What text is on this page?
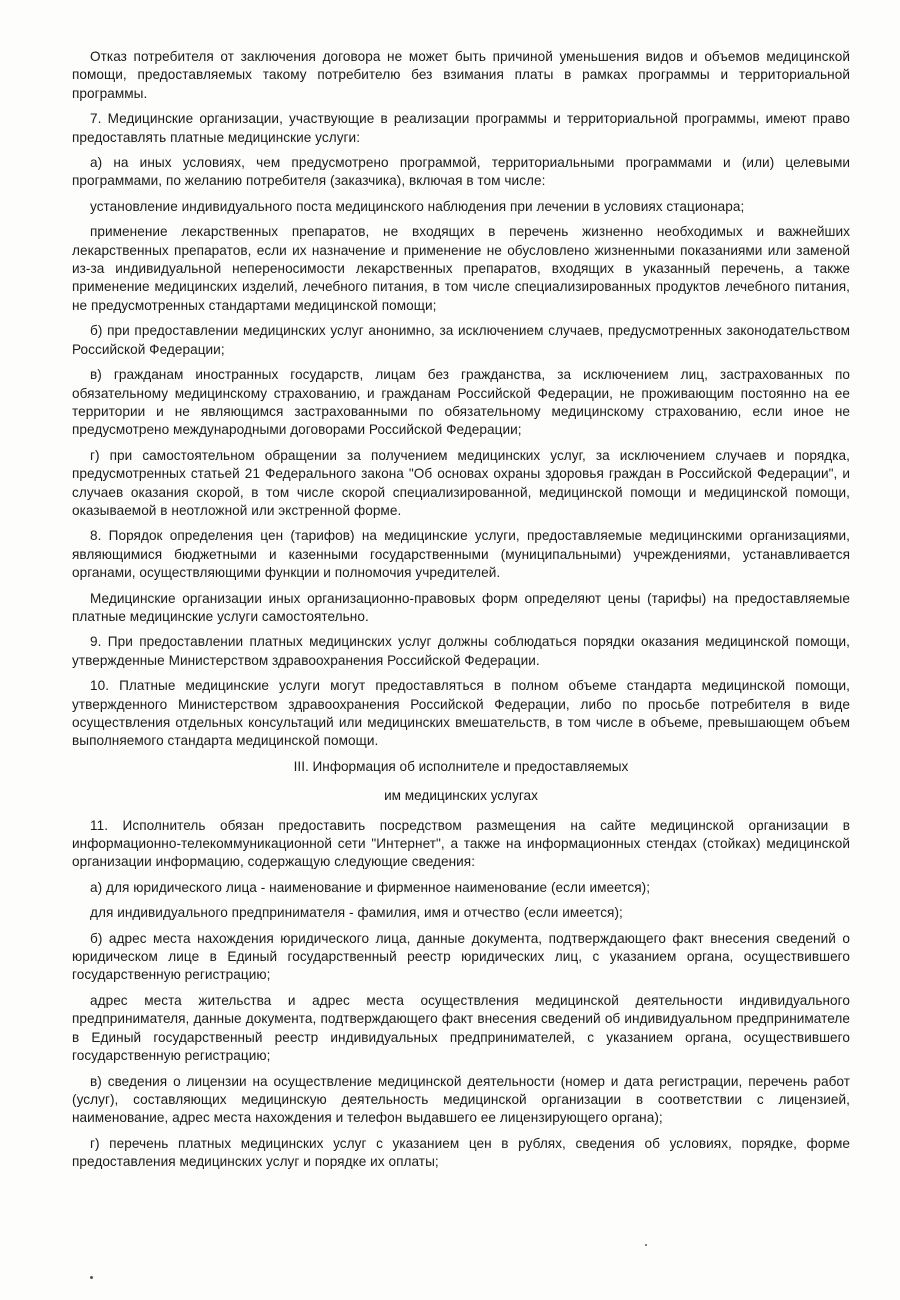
Отказ потребителя от заключения договора не может быть причиной уменьшения видов и объемов медицинской помощи, предоставляемых такому потребителю без взимания платы в рамках программы и территориальной программы.

7. Медицинские организации, участвующие в реализации программы и территориальной программы, имеют право предоставлять платные медицинские услуги:

а) на иных условиях, чем предусмотрено программой, территориальными программами и (или) целевыми программами, по желанию потребителя (заказчика), включая в том числе:

установление индивидуального поста медицинского наблюдения при лечении в условиях стационара;

применение лекарственных препаратов, не входящих в перечень жизненно необходимых и важнейших лекарственных препаратов, если их назначение и применение не обусловлено жизненными показаниями или заменой из-за индивидуальной непереносимости лекарственных препаратов, входящих в указанный перечень, а также применение медицинских изделий, лечебного питания, в том числе специализированных продуктов лечебного питания, не предусмотренных стандартами медицинской помощи;

б) при предоставлении медицинских услуг анонимно, за исключением случаев, предусмотренных законодательством Российской Федерации;

в) гражданам иностранных государств, лицам без гражданства, за исключением лиц, застрахованных по обязательному медицинскому страхованию, и гражданам Российской Федерации, не проживающим постоянно на ее территории и не являющимся застрахованными по обязательному медицинскому страхованию, если иное не предусмотрено международными договорами Российской Федерации;

г) при самостоятельном обращении за получением медицинских услуг, за исключением случаев и порядка, предусмотренных статьей 21 Федерального закона "Об основах охраны здоровья граждан в Российской Федерации", и случаев оказания скорой, в том числе скорой специализированной, медицинской помощи и медицинской помощи, оказываемой в неотложной или экстренной форме.

8. Порядок определения цен (тарифов) на медицинские услуги, предоставляемые медицинскими организациями, являющимися бюджетными и казенными государственными (муниципальными) учреждениями, устанавливается органами, осуществляющими функции и полномочия учредителей.

Медицинские организации иных организационно-правовых форм определяют цены (тарифы) на предоставляемые платные медицинские услуги самостоятельно.

9. При предоставлении платных медицинских услуг должны соблюдаться порядки оказания медицинской помощи, утвержденные Министерством здравоохранения Российской Федерации.

10. Платные медицинские услуги могут предоставляться в полном объеме стандарта медицинской помощи, утвержденного Министерством здравоохранения Российской Федерации, либо по просьбе потребителя в виде осуществления отдельных консультаций или медицинских вмешательств, в том числе в объеме, превышающем объем выполняемого стандарта медицинской помощи.

III. Информация об исполнителе и предоставляемых

им медицинских услугах

11. Исполнитель обязан предоставить посредством размещения на сайте медицинской организации в информационно-телекоммуникационной сети "Интернет", а также на информационных стендах (стойках) медицинской организации информацию, содержащую следующие сведения:

а) для юридического лица - наименование и фирменное наименование (если имеется);

для индивидуального предпринимателя - фамилия, имя и отчество (если имеется);

б) адрес места нахождения юридического лица, данные документа, подтверждающего факт внесения сведений о юридическом лице в Единый государственный реестр юридических лиц, с указанием органа, осуществившего государственную регистрацию;

адрес места жительства и адрес места осуществления медицинской деятельности индивидуального предпринимателя, данные документа, подтверждающего факт внесения сведений об индивидуальном предпринимателе в Единый государственный реестр индивидуальных предпринимателей, с указанием органа, осуществившего государственную регистрацию;

в) сведения о лицензии на осуществление медицинской деятельности (номер и дата регистрации, перечень работ (услуг), составляющих медицинскую деятельность медицинской организации в соответствии с лицензией, наименование, адрес места нахождения и телефон выдавшего ее лицензирующего органа);

г) перечень платных медицинских услуг с указанием цен в рублях, сведения об условиях, порядке, форме предоставления медицинских услуг и порядке их оплаты;
